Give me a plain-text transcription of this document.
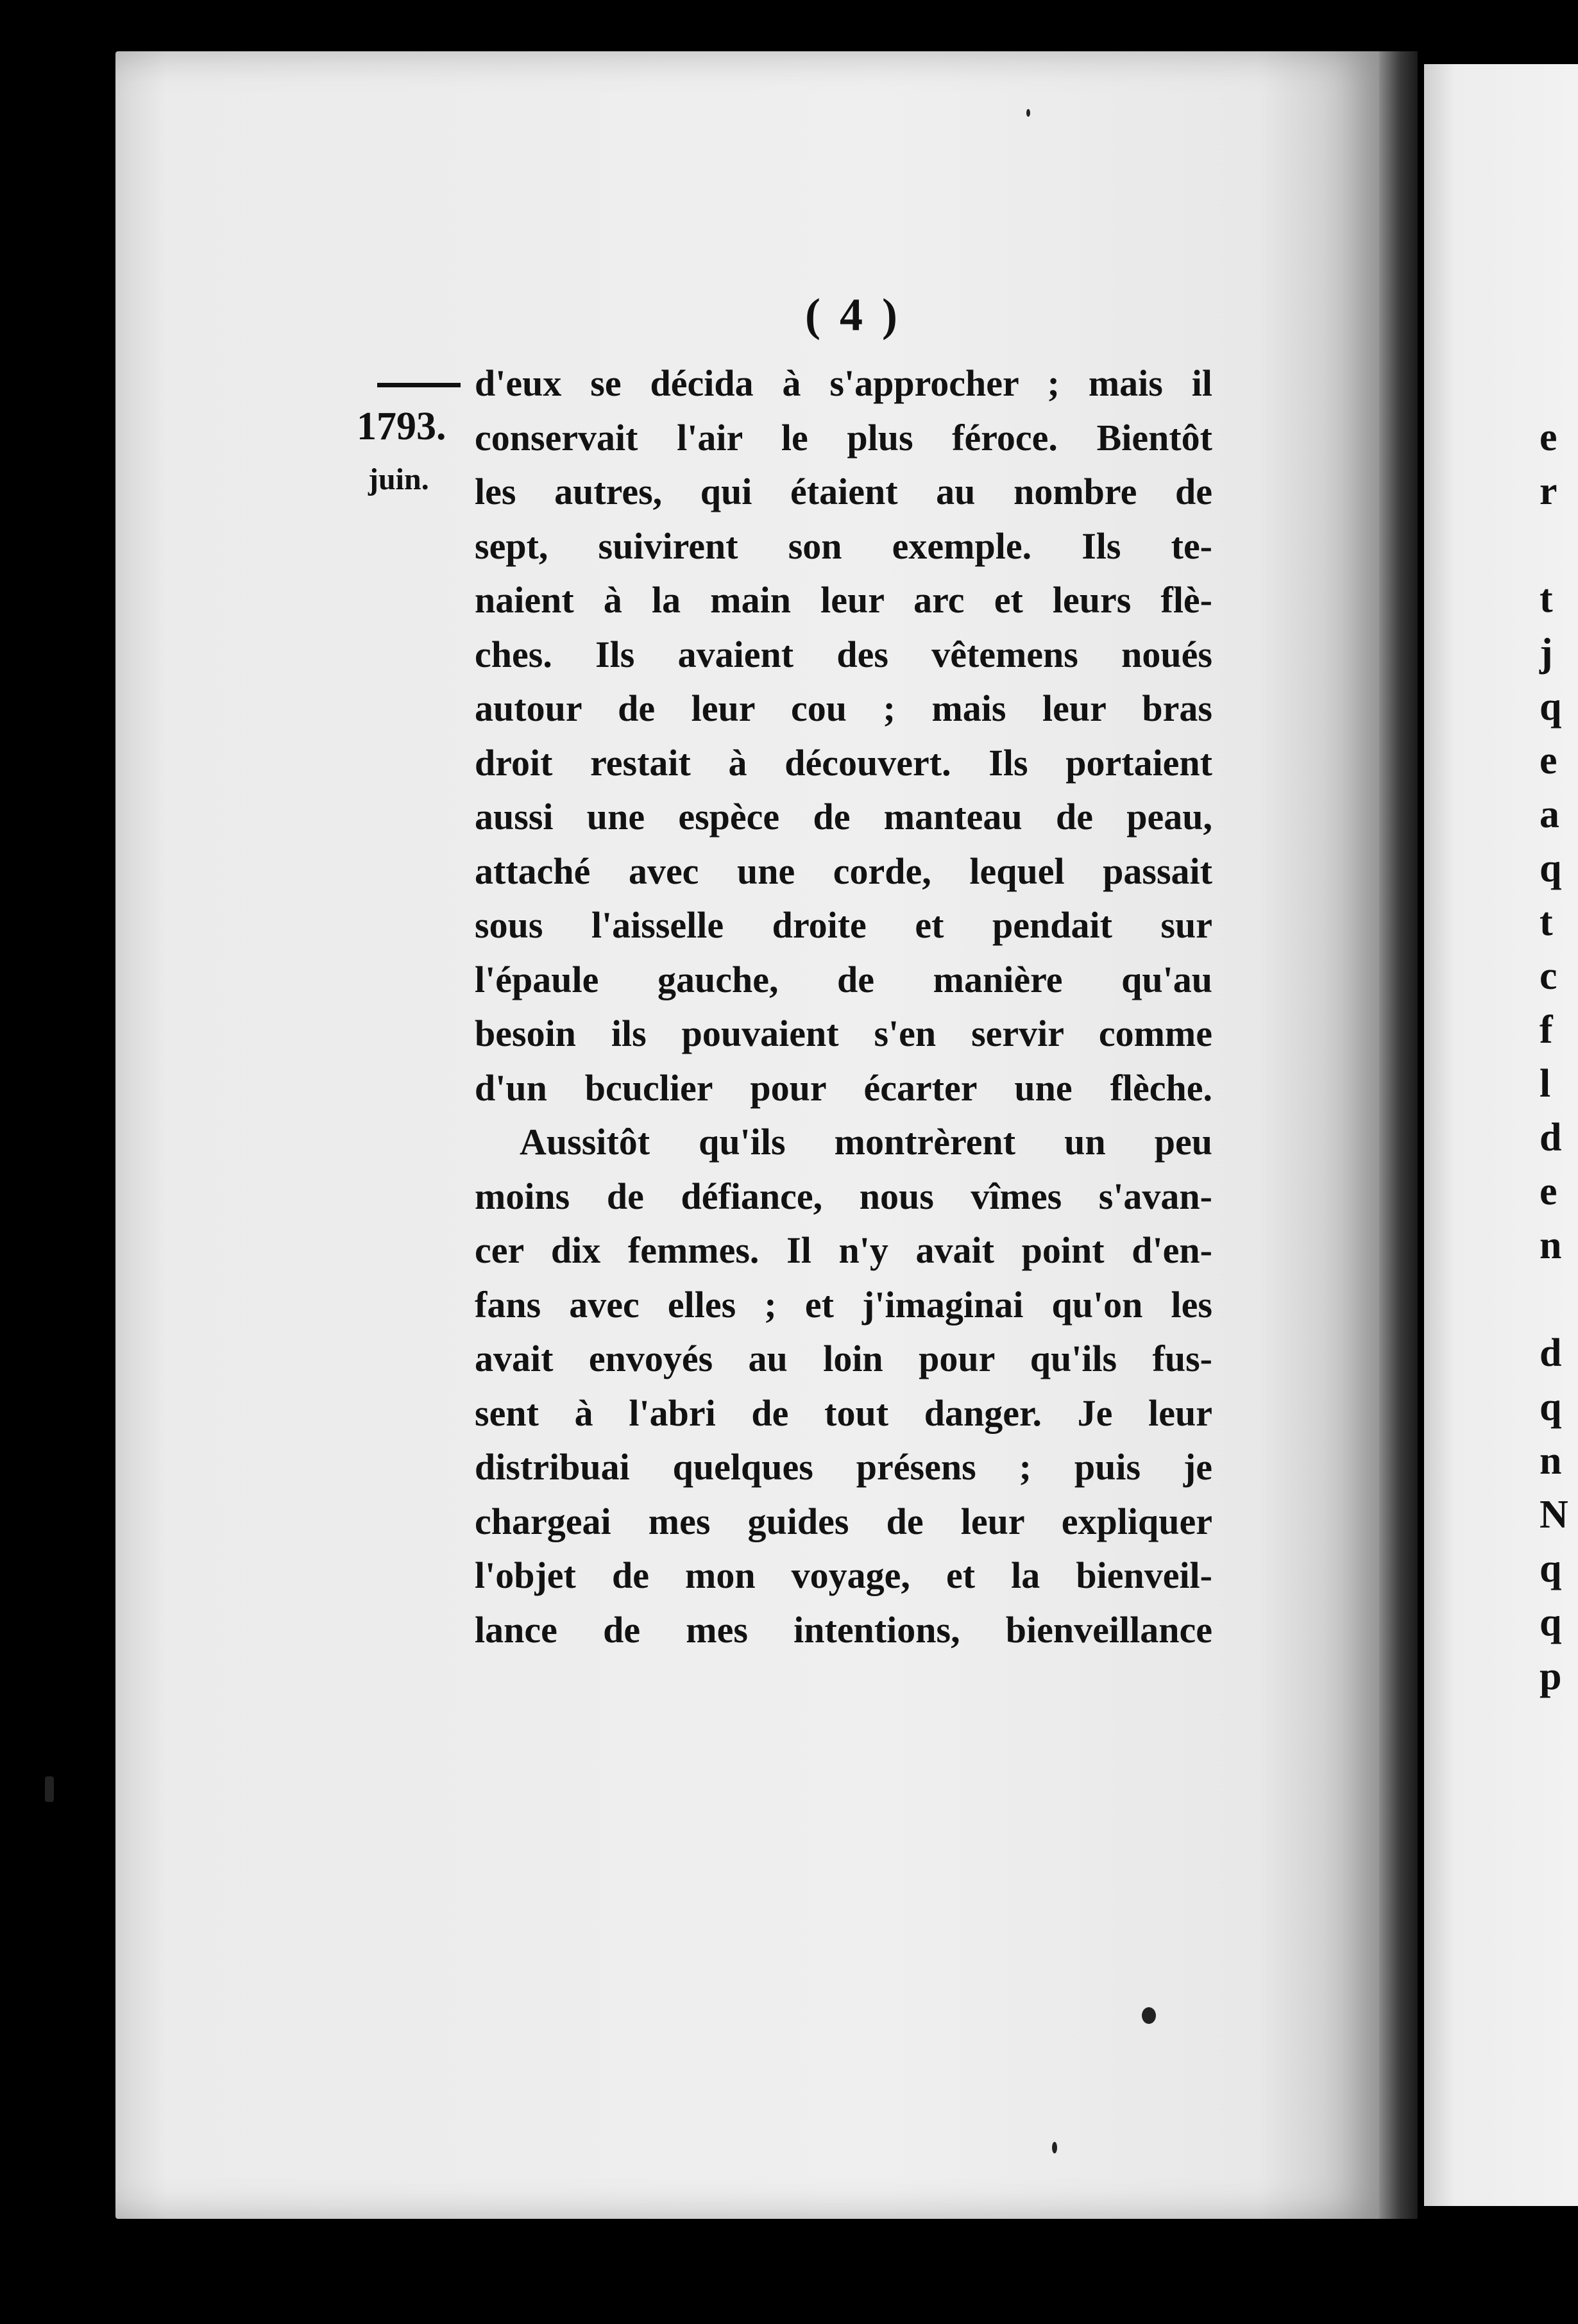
e
r
t
j
q
e
a
q
t
c
f
l
d
e
n
d
q
n
N
q
q
p
( 4 )
1793.
juin.
d'eux se décida à s'approcher ; mais il
conservait l'air le plus féroce. Bientôt
les autres, qui étaient au nombre de
sept, suivirent son exemple. Ils te-
naient à la main leur arc et leurs flè-
ches. Ils avaient des vêtemens noués
autour de leur cou ; mais leur bras
droit restait à découvert. Ils portaient
aussi une espèce de manteau de peau,
attaché avec une corde, lequel passait
sous l'aisselle droite et pendait sur
l'épaule gauche, de manière qu'au
besoin ils pouvaient s'en servir comme
d'un bcuclier pour écarter une flèche.
Aussitôt qu'ils montrèrent un peu
moins de défiance, nous vîmes s'avan-
cer dix femmes. Il n'y avait point d'en-
fans avec elles ; et j'imaginai qu'on les
avait envoyés au loin pour qu'ils fus-
sent à l'abri de tout danger. Je leur
distribuai quelques présens ; puis je
chargeai mes guides de leur expliquer
l'objet de mon voyage, et la bienveil-
lance de mes intentions, bienveillance
